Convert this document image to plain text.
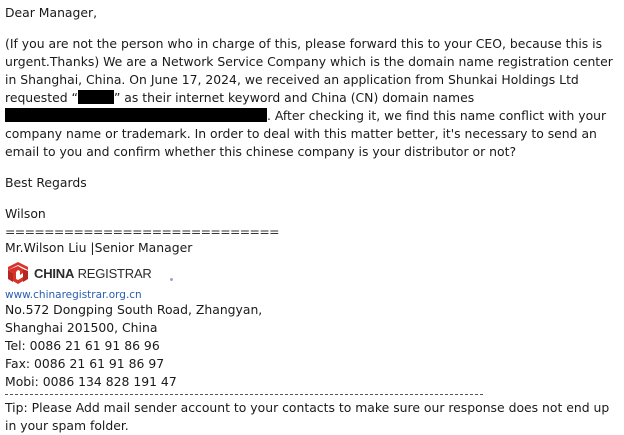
Dear Manager,

(If you are not the person who in charge of this, please forward this to your CEO, because this is urgent.Thanks) We are a Network Service Company which is the domain name registration center in Shanghai, China. On June 17, 2024, we received an application from Shunkai Holdings Ltd requested “	” as their internet keyword and China (CN) domain names. After checking it, we find this name conflict with your company name or trademark. In order to deal with this matter better, it's necessary to send an email to you and confirm whether this chinese company is your distributor or not?

Best Regards

Wilson

============================

Mr.Wilson Liu |Senior Manager

CHINA REGISTRAR
www.chinaregistrar.org.cn

No.572 Dongping South Road, Zhangyan,

Shanghai 201500, China

Tel: 0086 21 61 91 86 96

Fax: 0086 21 61 91 86 97

Mobi: 0086 134 828 191 47

Tip: Please Add mail sender account to your contacts to make sure our response does not end up in your spam folder.
